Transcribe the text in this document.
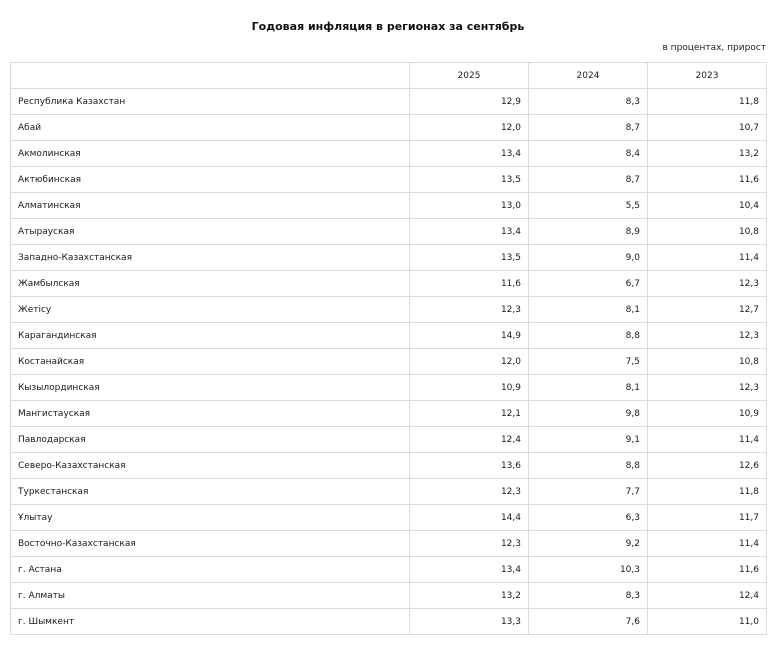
Годовая инфляция в регионах за сентябрь
в процентах, прирост
	2025	2024	2023
Республика Казахстан	12,9	8,3	11,8
Абай	12,0	8,7	10,7
Акмолинская	13,4	8,4	13,2
Актюбинская	13,5	8,7	11,6
Алматинская	13,0	5,5	10,4
Атырауская	13,4	8,9	10,8
Западно-Казахстанская	13,5	9,0	11,4
Жамбылская	11,6	6,7	12,3
Жетісу	12,3	8,1	12,7
Карагандинская	14,9	8,8	12,3
Костанайская	12,0	7,5	10,8
Кызылординская	10,9	8,1	12,3
Мангистауская	12,1	9,8	10,9
Павлодарская	12,4	9,1	11,4
Северо-Казахстанская	13,6	8,8	12,6
Туркестанская	12,3	7,7	11,8
Ұлытау	14,4	6,3	11,7
Восточно-Казахстанская	12,3	9,2	11,4
г. Астана	13,4	10,3	11,6
г. Алматы	13,2	8,3	12,4
г. Шымкент	13,3	7,6	11,0
